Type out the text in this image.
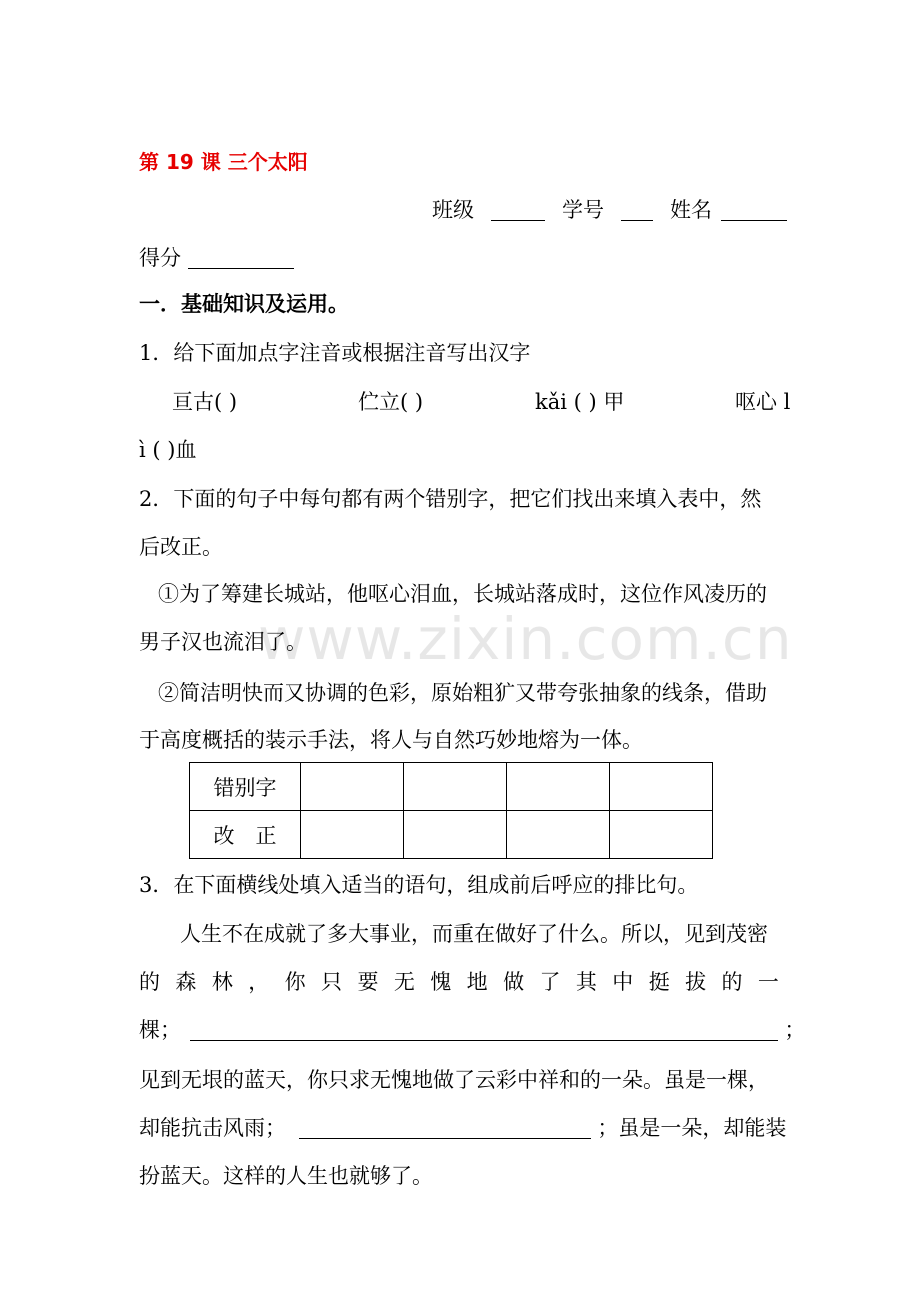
www.zixin.com.cn
第 19 课 三个太阳
班级	学号	姓名
得分
一．基础知识及运用。
1．给下面加点字注音或根据注音写出汉字
亘古( )	伫立( )	kǎi ( ) 甲	呕心 l
ì ( )血
2．下面的句子中每句都有两个错别字，把它们找出来填入表中，然
后改正。
①为了筹建长城站，他呕心泪血，长城站落成时，这位作风凌历的
男子汉也流泪了。
②简洁明快而又协调的色彩，原始粗犷又带夸张抽象的线条，借助
于高度概括的装示手法，将人与自然巧妙地熔为一体。
错别字				
改　正				
3．在下面横线处填入适当的语句，组成前后呼应的排比句。
人生不在成就了多大事业，而重在做好了什么。所以，见到茂密
的 森 林 ， 你 只 要 无 愧 地 做 了 其 中 挺 拔 的 一
棵；	；
见到无垠的蓝天，你只求无愧地做了云彩中祥和的一朵。虽是一棵，
却能抗击风雨；	；虽是一朵，却能装
扮蓝天。这样的人生也就够了。
